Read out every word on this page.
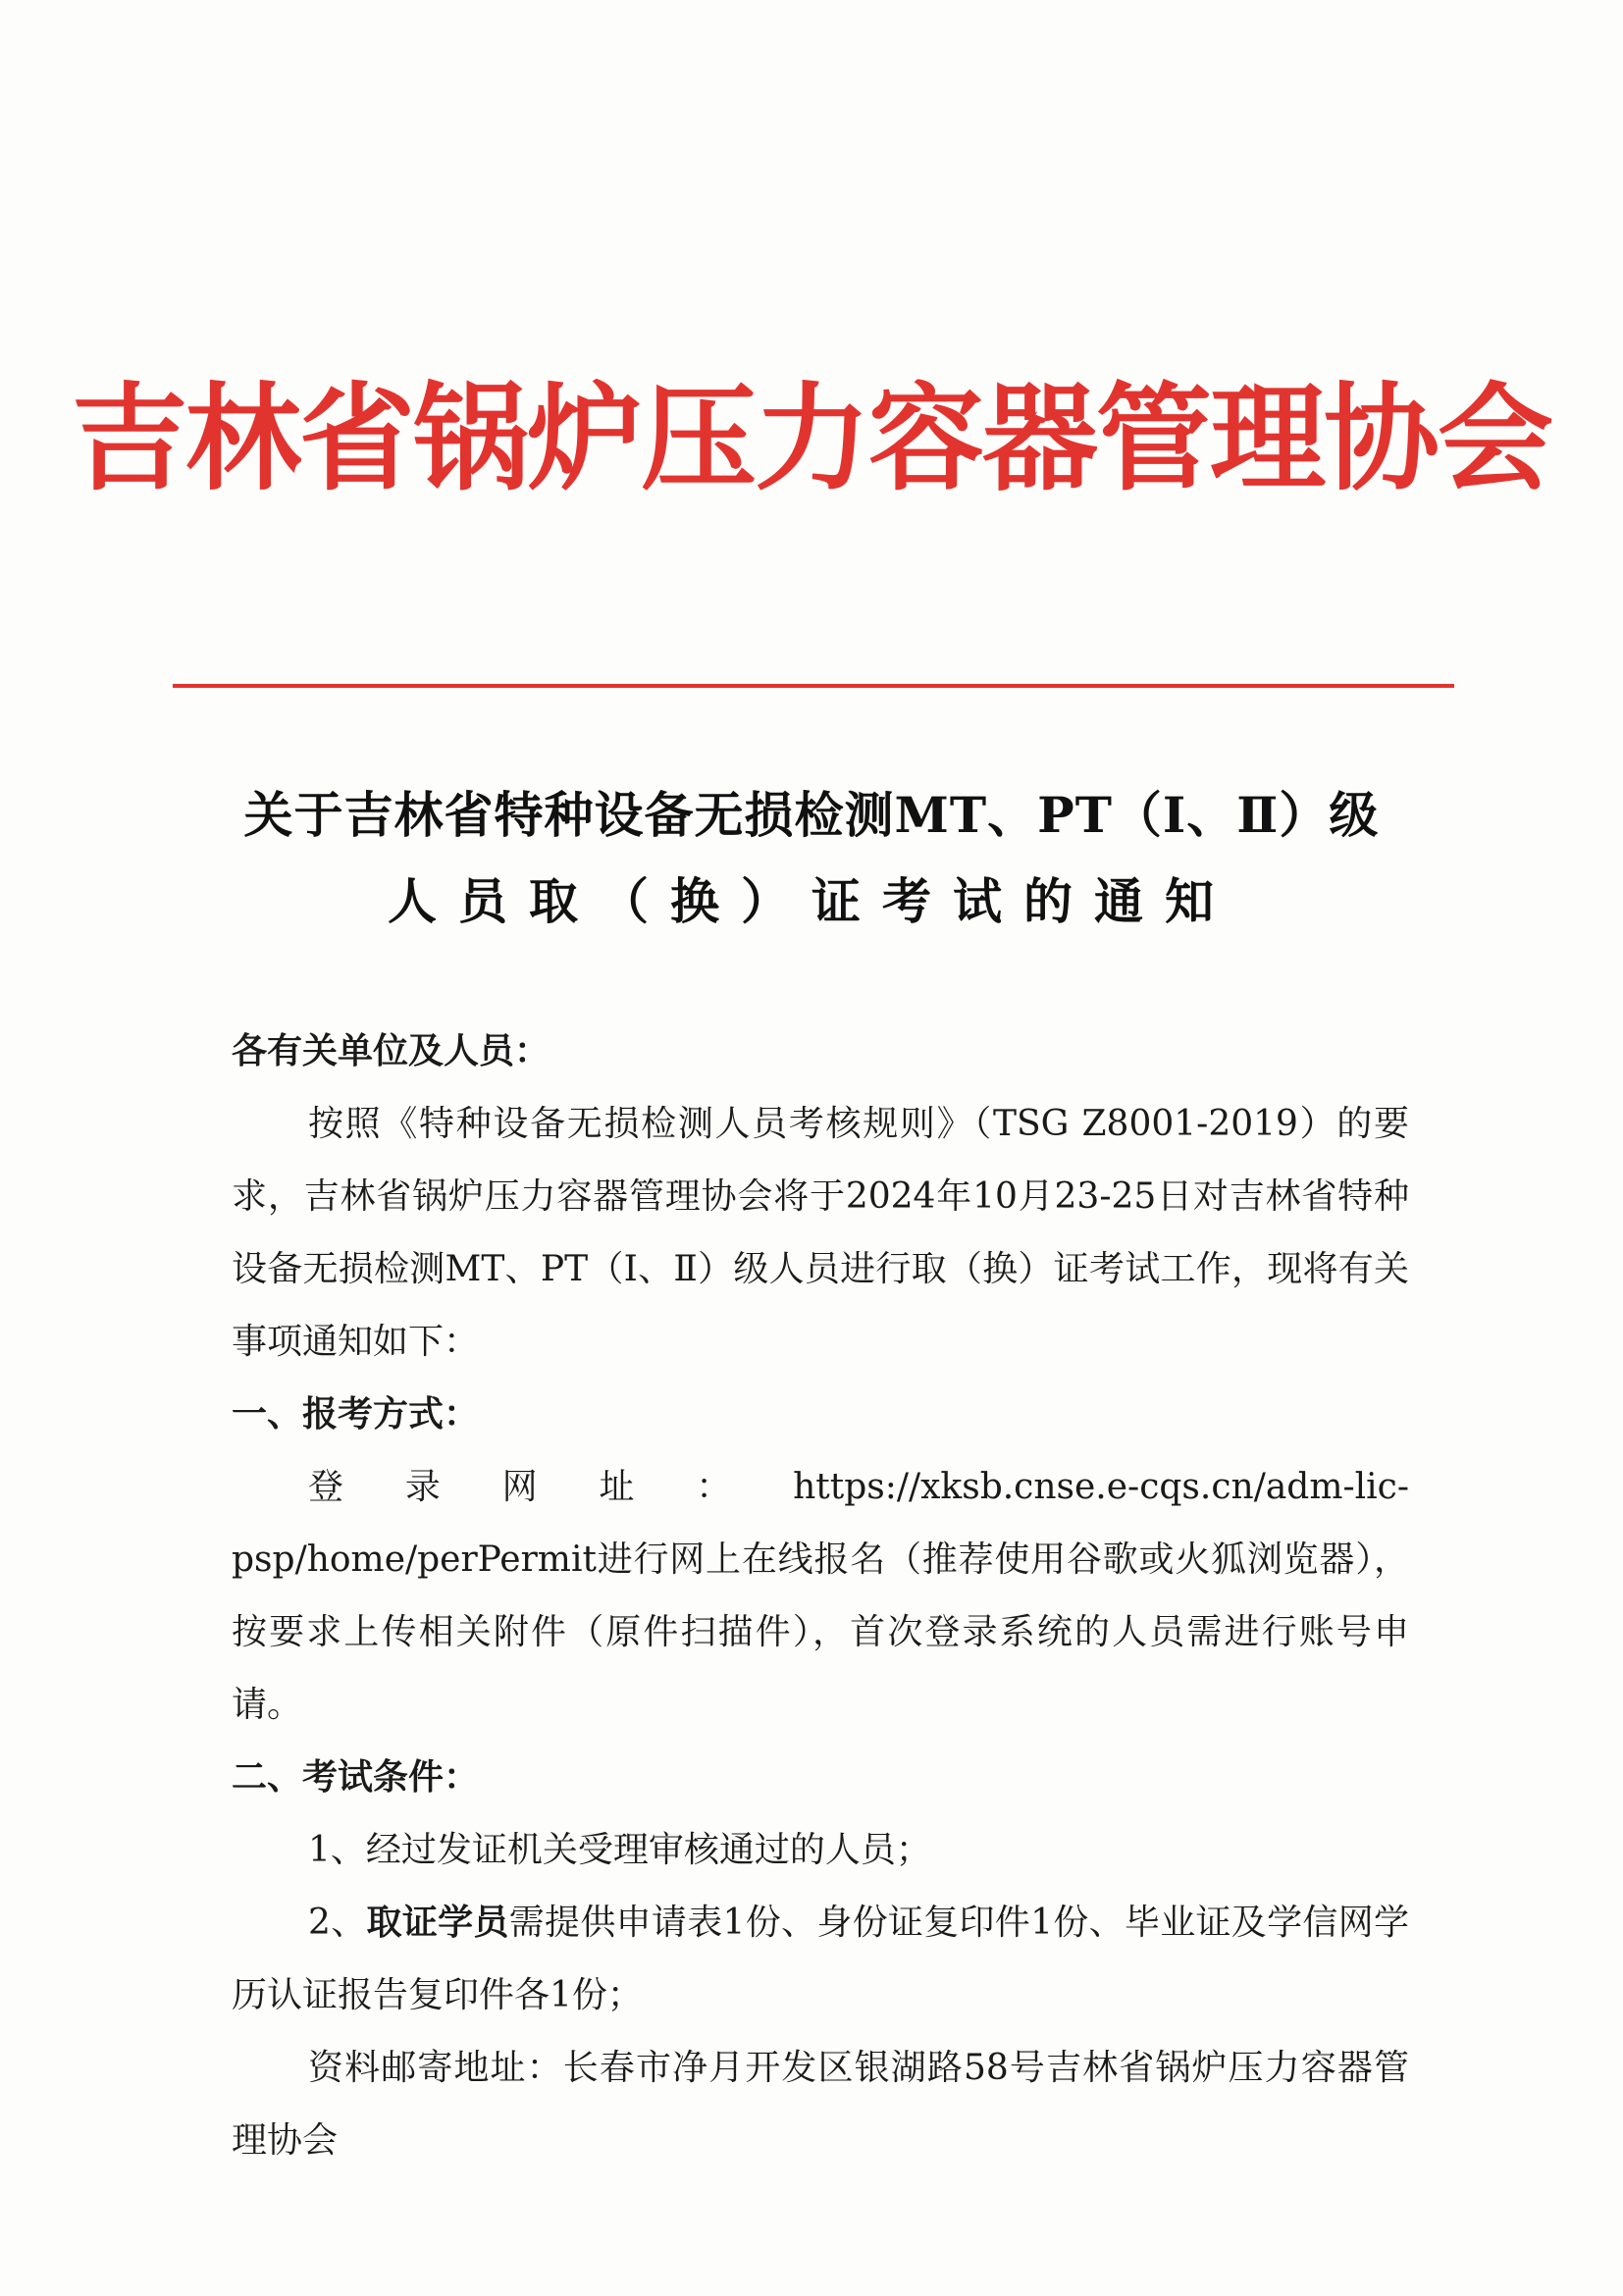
吉林省锅炉压力容器管理协会
关于吉林省特种设备无损检测MT、PT（Ⅰ、Ⅱ）级
人员取（换）证考试的通知

各有关单位及人员：

按照《特种设备无损检测人员考核规则》（TSG Z8001-2019）的要求，吉林省锅炉压力容器管理协会将于2024年10月23-25日对吉林省特种设备无损检测MT、PT（Ⅰ、Ⅱ）级人员进行取（换）证考试工作，现将有关事项通知如下：

一、报考方式：

登录网址：https://xksb.cnse.e-cqs.cn/adm-lic-psp/home/perPermit进行网上在线报名（推荐使用谷歌或火狐浏览器），按要求上传相关附件（原件扫描件），首次登录系统的人员需进行账号申请。

二、考试条件：

1、经过发证机关受理审核通过的人员；

2、取证学员需提供申请表1份、身份证复印件1份、毕业证及学信网学历认证报告复印件各1份；

资料邮寄地址：长春市净月开发区银湖路58号吉林省锅炉压力容器管理协会
